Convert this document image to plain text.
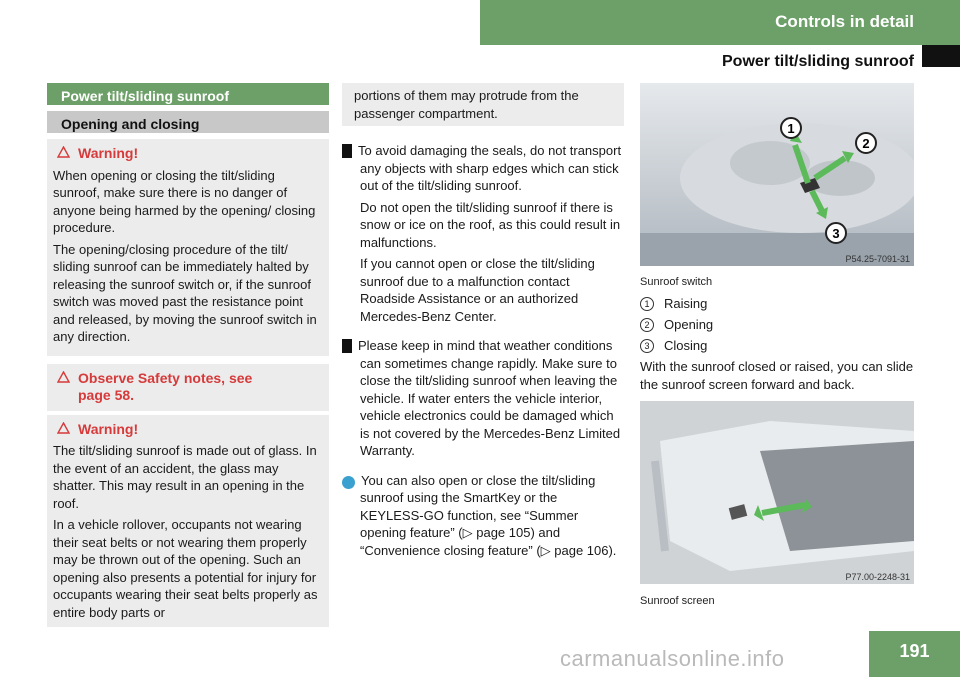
Controls in detail
Power tilt/sliding sunroof
Power tilt/sliding sunroof
Opening and closing
Warning!

When opening or closing the tilt/sliding sunroof, make sure there is no danger of anyone being harmed by the opening/ closing procedure.

The opening/closing procedure of the tilt/ sliding sunroof can be immediately halted by releasing the sunroof switch or, if the sunroof switch was moved past the resistance point and released, by moving the sunroof switch in any direction.

Observe Safety notes, see page 58.
Warning!

The tilt/sliding sunroof is made out of glass. In the event of an accident, the glass may shatter. This may result in an opening in the roof.

In a vehicle rollover, occupants not wearing their seat belts or not wearing them properly may be thrown out of the opening. Such an opening also presents a potential for injury for occupants wearing their seat belts properly as entire body parts or

portions of them may protrude from the passenger compartment.

! To avoid damaging the seals, do not transport any objects with sharp edges which can stick out of the tilt/sliding sunroof.

Do not open the tilt/sliding sunroof if there is snow or ice on the roof, as this could result in malfunctions.

If you cannot open or close the tilt/sliding sunroof due to a malfunction contact Roadside Assistance or an authorized Mercedes-Benz Center.

! Please keep in mind that weather conditions can sometimes change rapidly. Make sure to close the tilt/sliding sunroof when leaving the vehicle. If water enters the vehicle interior, vehicle electronics could be damaged which is not covered by the Mercedes-Benz Limited Warranty.

i You can also open or close the tilt/sliding sunroof using the SmartKey or the KEYLESS-GO function, see “Summer opening feature” (▷ page 105) and “Convenience closing feature” (▷ page 106).

1
2
3
P54.25-7091-31
Sunroof switch
1	Raising
2	Opening
3	Closing
With the sunroof closed or raised, you can slide the sunroof screen forward and back.
P77.00-2248-31
Sunroof screen
carmanualsonline.info	191
